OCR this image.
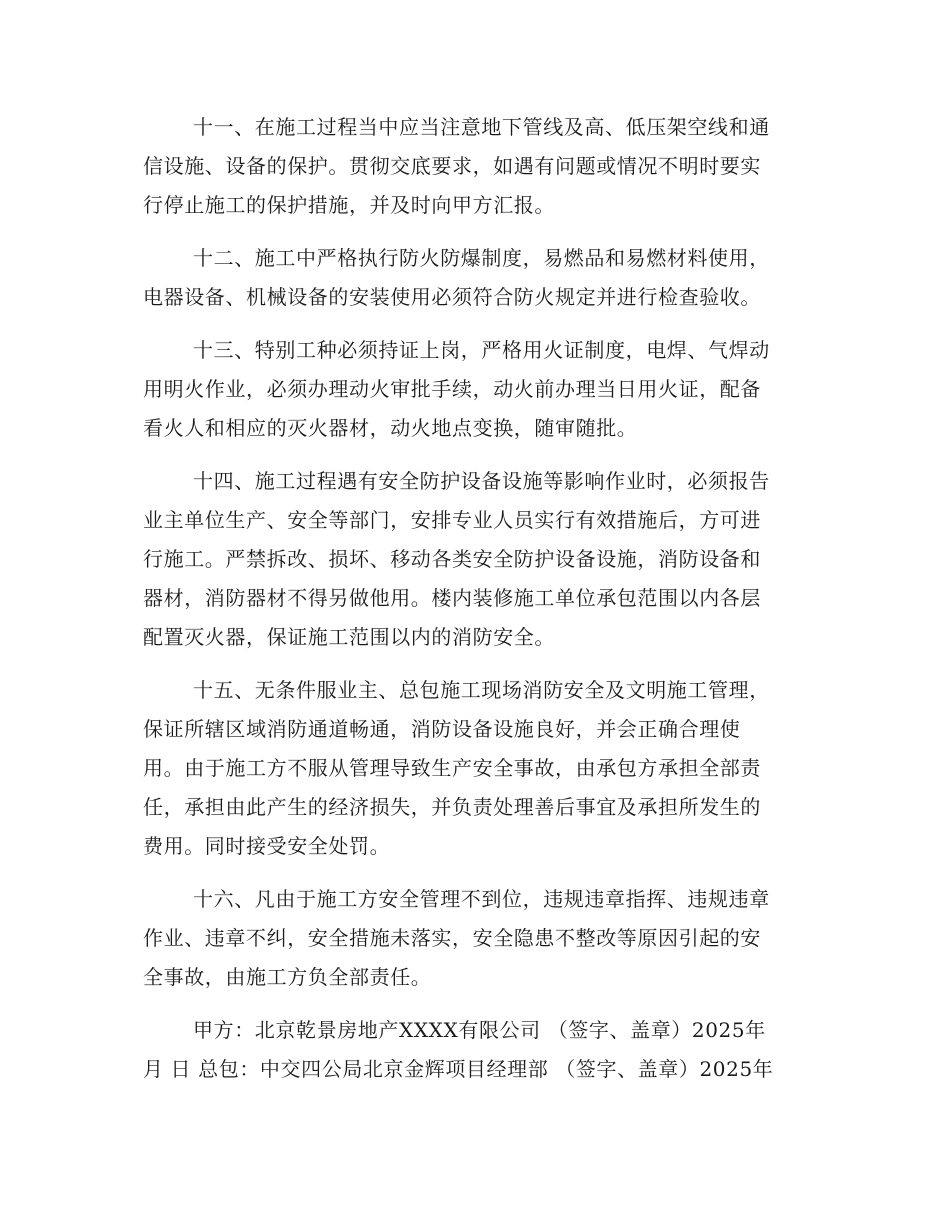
十一、在施工过程当中应当注意地下管线及高、低压架空线和通
信设施、设备的保护。贯彻交底要求，如遇有问题或情况不明时要实
行停止施工的保护措施，并及时向甲方汇报。

十二、施工中严格执行防火防爆制度，易燃品和易燃材料使用，
电器设备、机械设备的安装使用必须符合防火规定并进行检查验收。

十三、特别工种必须持证上岗，严格用火证制度，电焊、气焊动
用明火作业，必须办理动火审批手续，动火前办理当日用火证，配备
看火人和相应的灭火器材，动火地点变换，随审随批。

十四、施工过程遇有安全防护设备设施等影响作业时，必须报告
业主单位生产、安全等部门，安排专业人员实行有效措施后，方可进
行施工。严禁拆改、损坏、移动各类安全防护设备设施，消防设备和
器材，消防器材不得另做他用。楼内装修施工单位承包范围以内各层
配置灭火器，保证施工范围以内的消防安全。

十五、无条件服业主、总包施工现场消防安全及文明施工管理，
保证所辖区域消防通道畅通，消防设备设施良好，并会正确合理使
用。由于施工方不服从管理导致生产安全事故，由承包方承担全部责
任，承担由此产生的经济损失，并负责处理善后事宜及承担所发生的
费用。同时接受安全处罚。

十六、凡由于施工方安全管理不到位，违规违章指挥、违规违章
作业、违章不纠，安全措施未落实，安全隐患不整改等原因引起的安
全事故，由施工方负全部责任。

甲方：北京乾景房地产XXXX有限公司 （签字、盖章）2025年
月 日 总包：中交四公局北京金辉项目经理部 （签字、盖章）2025年
